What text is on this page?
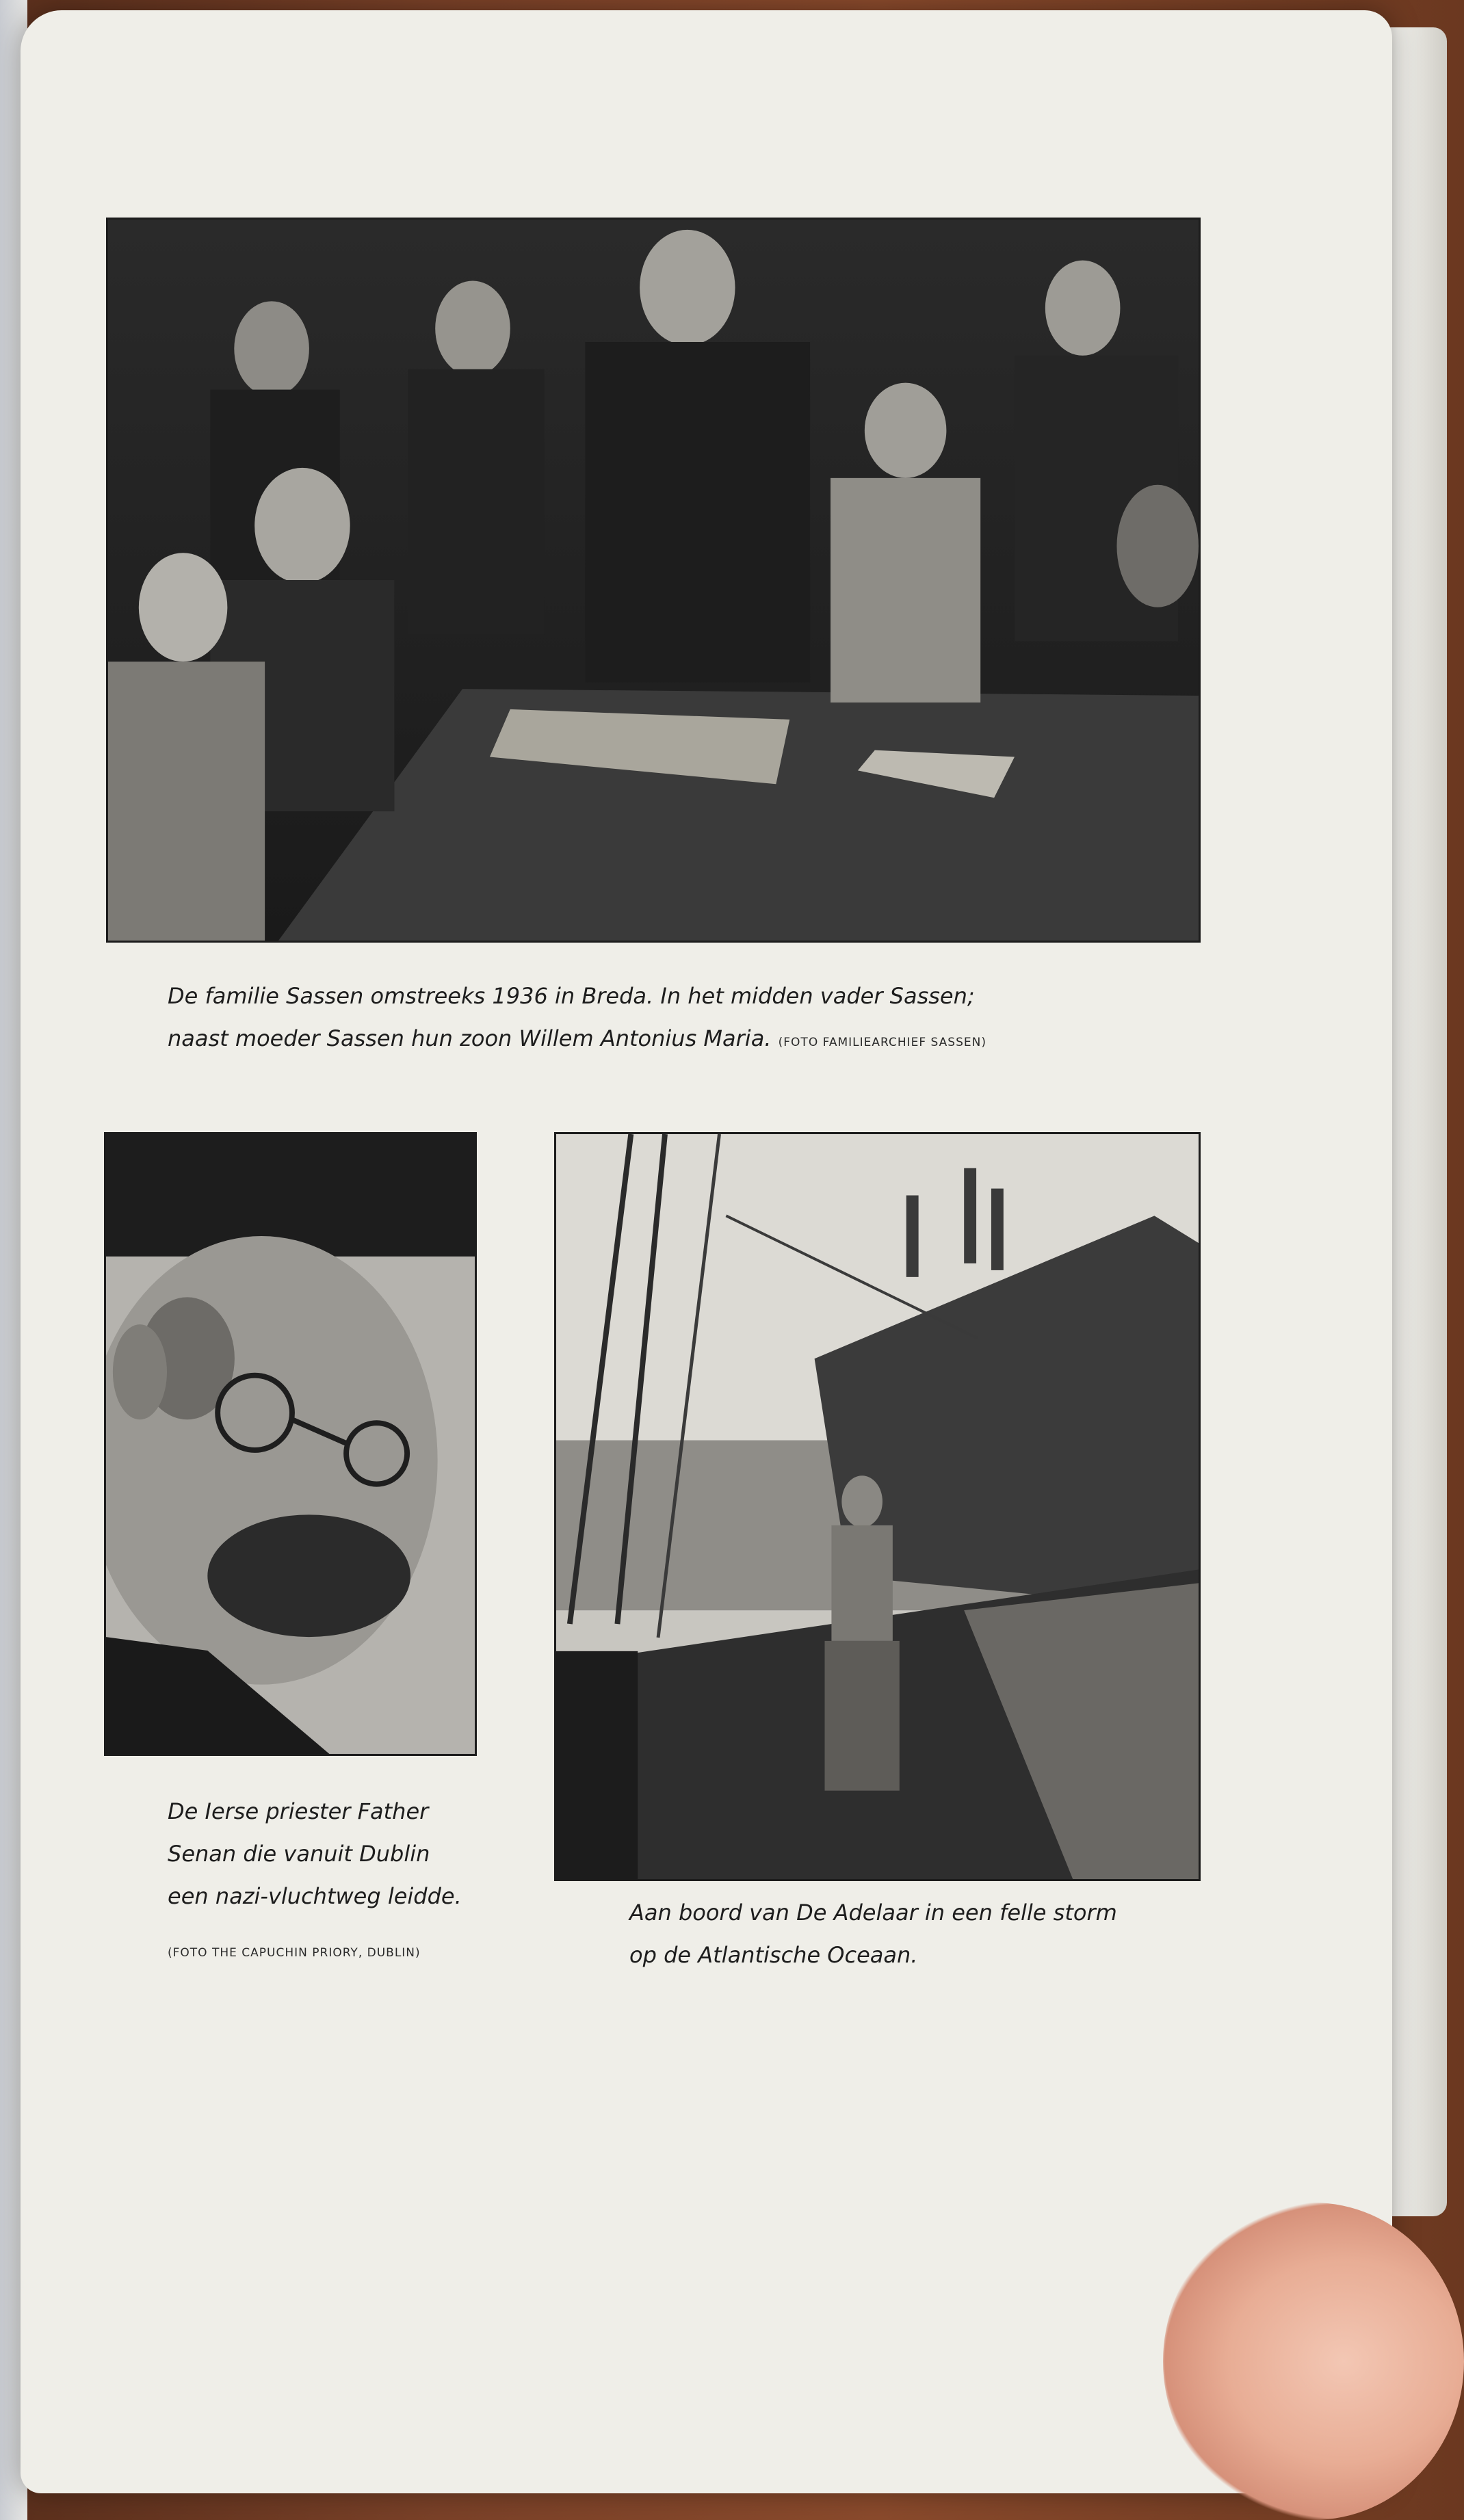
De familie Sassen omstreeks 1936 in Breda. In het midden vader Sassen;
naast moeder Sassen hun zoon Willem Antonius Maria. (FOTO FAMILIEARCHIEF SASSEN)
De Ierse priester Father
Senan die vanuit Dublin
een nazi-vluchtweg leidde.
(FOTO THE CAPUCHIN PRIORY, DUBLIN)
Aan boord van De Adelaar in een felle storm
op de Atlantische Oceaan.
